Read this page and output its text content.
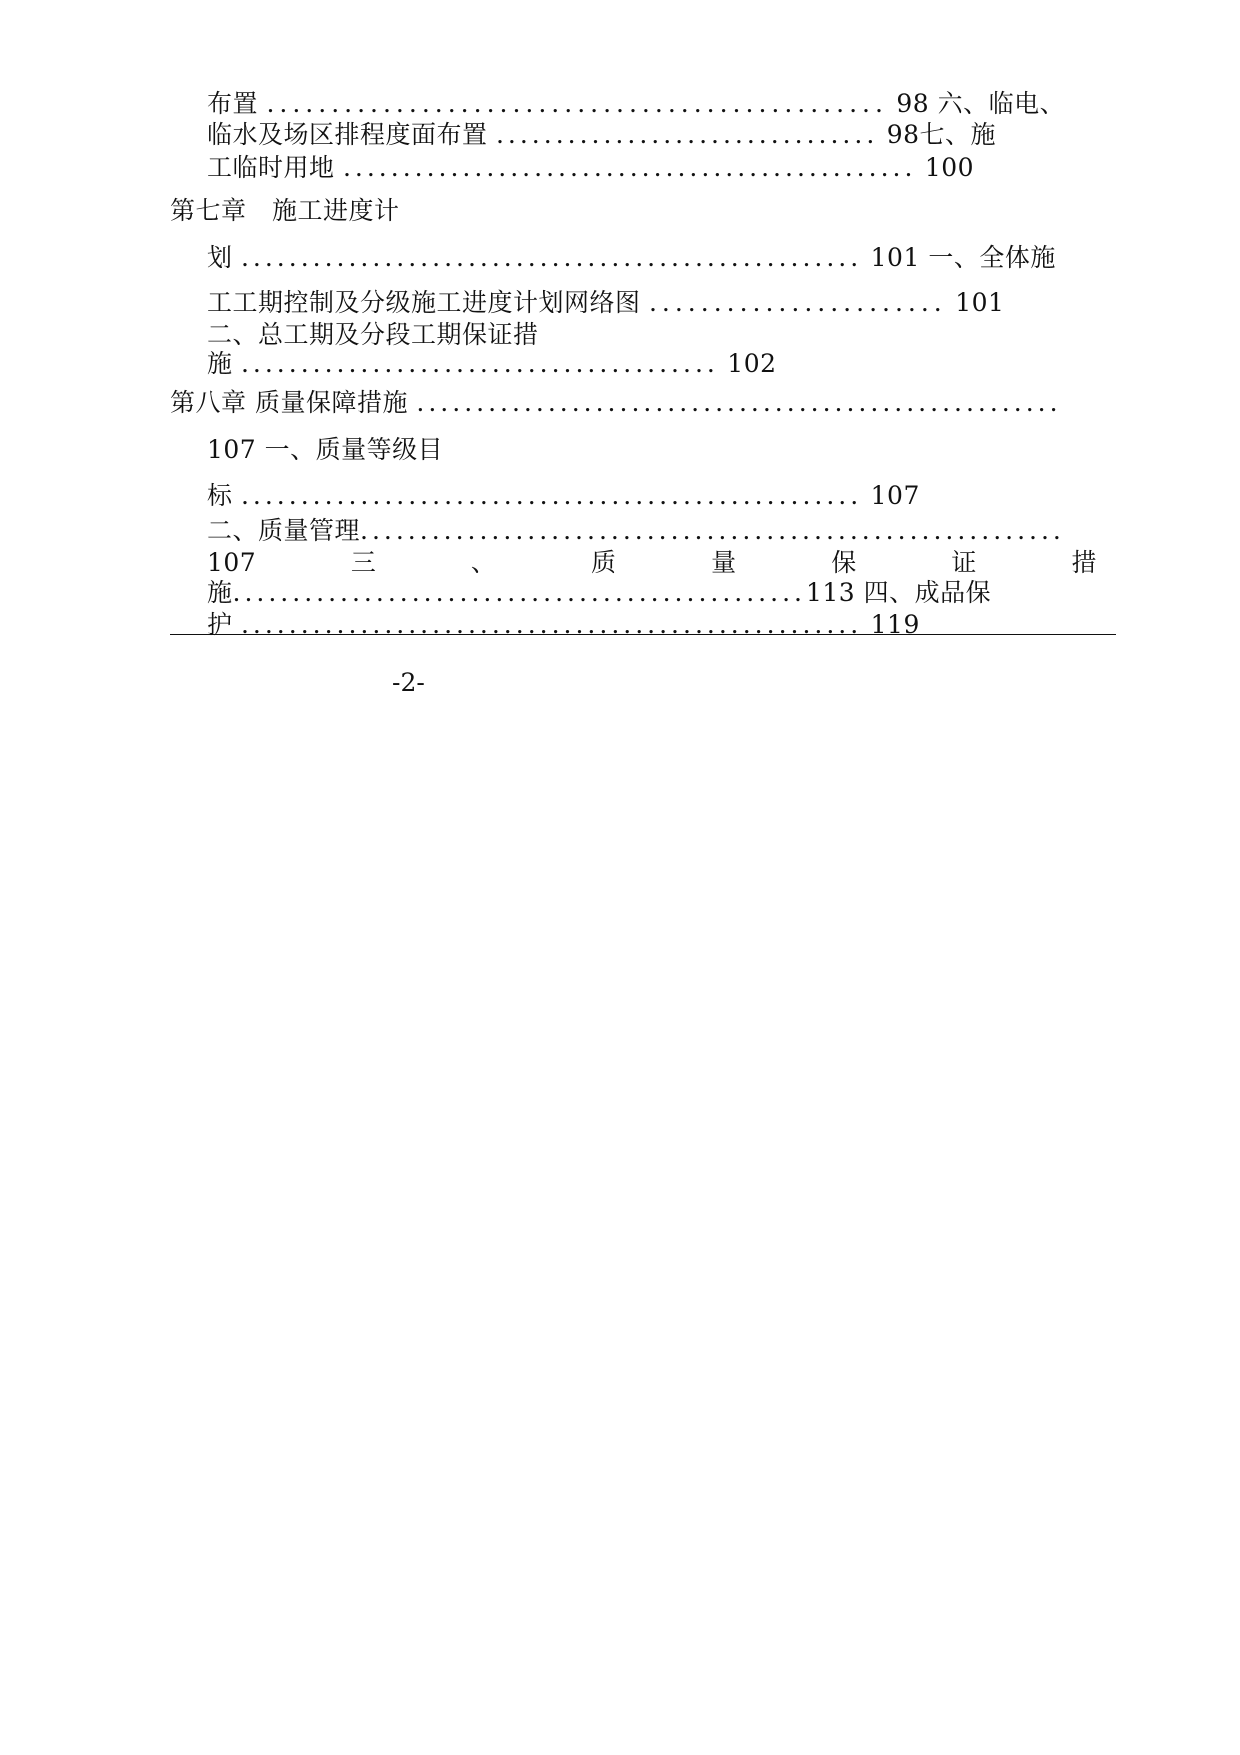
布置 ................................................ 98 六、临电、
临水及场区排程度面布置 ................................ 98七、施
工临时用地 ................................................ 100
第七章　施工进度计
划 .................................................... 101 一、全体施
工工期控制及分级施工进度计划网络图 ....................... 101
二、总工期及分段工期保证措
施 ........................................ 102
第八章 质量保障措施 ......................................................
107 一、质量等级目
标 .................................................... 107
二、质量管理...........................................................
107	三	、	质	量	保	证	措
施................................................113 四、成品保
护 .................................................... 119
-2-
